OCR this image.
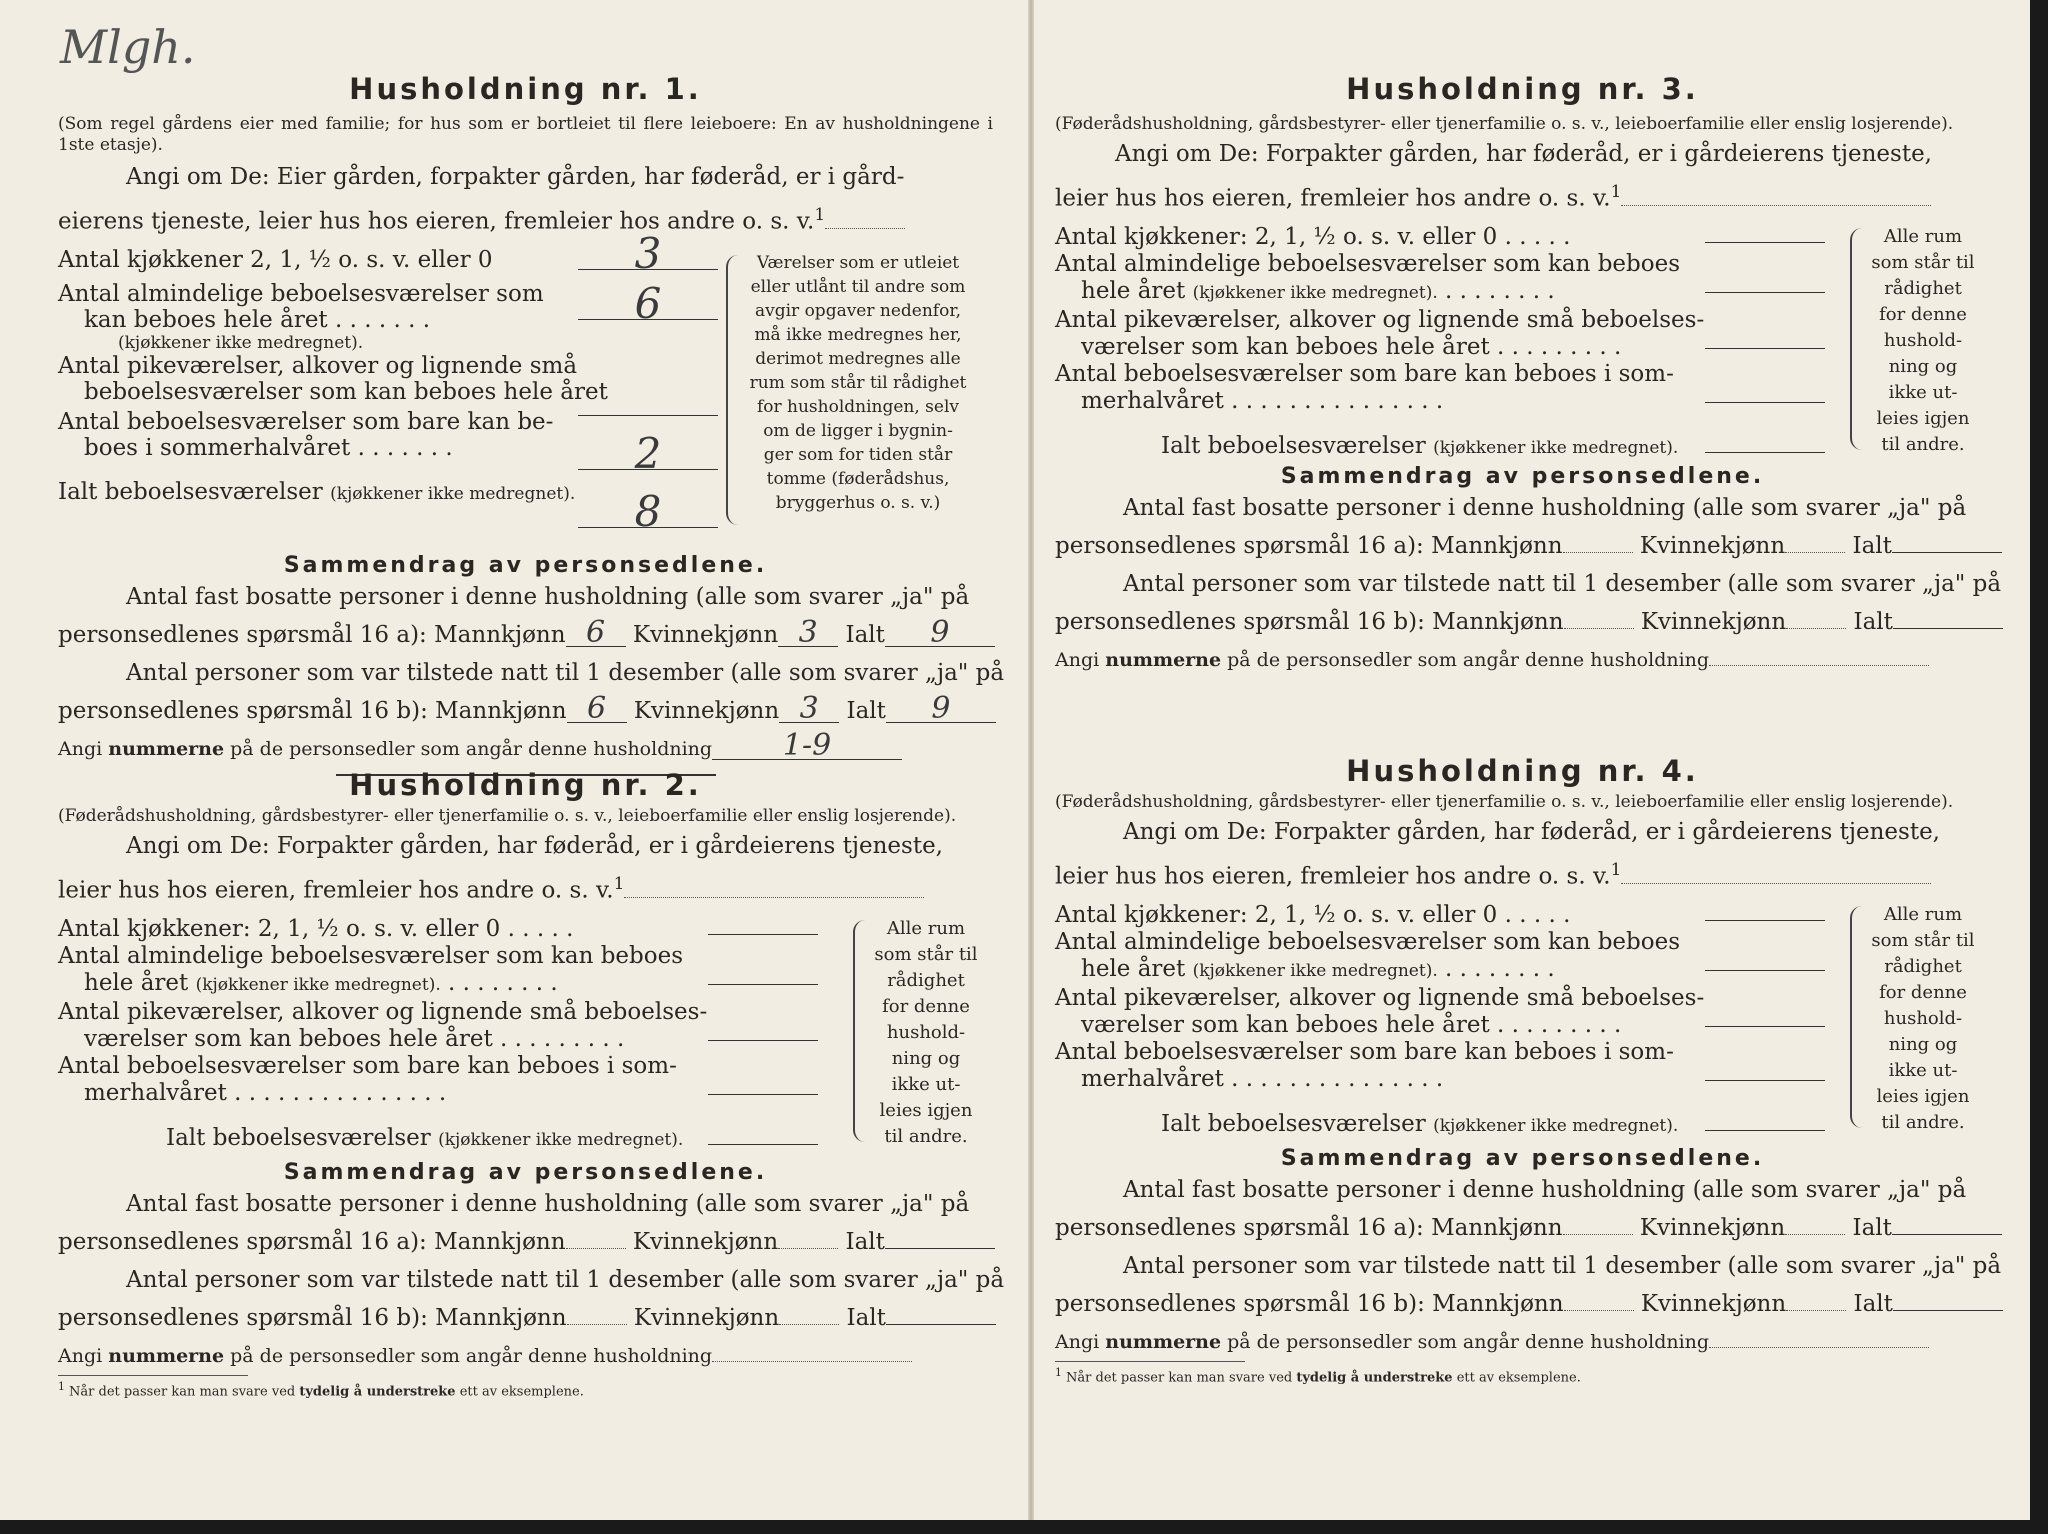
Mlgh.
Husholdning nr. 1.
(Som regel gårdens eier med familie; for hus som er bortleiet til flere leieboere: En av husholdningene i 1ste etasje).
Angi om De: Eier gården, forpakter gården, har føderåd, er i gård-
eierens tjeneste, leier hus hos eieren, fremleier hos andre o. s. v.$^1$
Antal kjøkkener 2, 1, ½ o. s. v. eller 0	3
Antal almindelige beboelsesværelser som
kan beboes hele året . . . . . . .	6
(kjøkkener ikke medregnet).
Antal pikeværelser, alkover og lignende små
beboelsesværelser som kan beboes hele året
Antal beboelsesværelser som bare kan be-
boes i sommerhalvåret . . . . . . .	2
Ialt beboelsesværelser (kjøkkener ikke medregnet).	8
Værelser som er utleiet
eller utlånt til andre som
avgir opgaver nedenfor,
må ikke medregnes her,
derimot medregnes alle
rum som står til rådighet
for husholdningen, selv
om de ligger i bygnin-
ger som for tiden står
tomme (føderådshus,
bryggerhus o. s. v.)
Sammendrag av personsedlene.
Antal fast bosatte personer i denne husholdning (alle som svarer „ja" på
personsedlenes spørsmål 16 a): Mannkjønn 6 Kvinnekjønn 3 Ialt 9
Antal personer som var tilstede natt til 1 desember (alle som svarer „ja" på
personsedlenes spørsmål 16 b): Mannkjønn 6 Kvinnekjønn 3 Ialt 9
Angi nummerne på de personsedler som angår denne husholdning 1-9
Husholdning nr. 2.
(Føderådshusholdning, gårdsbestyrer- eller tjenerfamilie o. s. v., leieboerfamilie eller enslig losjerende).
Angi om De: Forpakter gården, har føderåd, er i gårdeierens tjeneste,
leier hus hos eieren, fremleier hos andre o. s. v.$^1$
Antal kjøkkener: 2, 1, ½ o. s. v. eller 0 . . . . .
Antal almindelige beboelsesværelser som kan beboes
hele året (kjøkkener ikke medregnet). . . . . . . . .
Antal pikeværelser, alkover og lignende små beboelses-
værelser som kan beboes hele året . . . . . . . . .
Antal beboelsesværelser som bare kan beboes i som-
merhalvåret . . . . . . . . . . . . . . .
Ialt beboelsesværelser (kjøkkener ikke medregnet).
Alle rum
som står til
rådighet
for denne
hushold-
ning og
ikke ut-
leies igjen
til andre.
Sammendrag av personsedlene.
Antal fast bosatte personer i denne husholdning (alle som svarer „ja" på
personsedlenes spørsmål 16 a): Mannkjønn	Kvinnekjønn	Ialt
Antal personer som var tilstede natt til 1 desember (alle som svarer „ja" på
personsedlenes spørsmål 16 b): Mannkjønn	Kvinnekjønn	Ialt
Angi nummerne på de personsedler som angår denne husholdning
$^1$ Når det passer kan man svare ved tydelig å understreke ett av eksemplene.
Husholdning nr. 3.
(Føderådshusholdning, gårdsbestyrer- eller tjenerfamilie o. s. v., leieboerfamilie eller enslig losjerende).
Angi om De: Forpakter gården, har føderåd, er i gårdeierens tjeneste,
leier hus hos eieren, fremleier hos andre o. s. v.$^1$
Antal kjøkkener: 2, 1, ½ o. s. v. eller 0 . . . . .
Antal almindelige beboelsesværelser som kan beboes
hele året (kjøkkener ikke medregnet). . . . . . . . .
Antal pikeværelser, alkover og lignende små beboelses-
værelser som kan beboes hele året . . . . . . . . .
Antal beboelsesværelser som bare kan beboes i som-
merhalvåret . . . . . . . . . . . . . . .
Ialt beboelsesværelser (kjøkkener ikke medregnet).
Alle rum
som står til
rådighet
for denne
hushold-
ning og
ikke ut-
leies igjen
til andre.
Sammendrag av personsedlene.
Antal fast bosatte personer i denne husholdning (alle som svarer „ja" på
personsedlenes spørsmål 16 a): Mannkjønn	Kvinnekjønn	Ialt
Antal personer som var tilstede natt til 1 desember (alle som svarer „ja" på
personsedlenes spørsmål 16 b): Mannkjønn	Kvinnekjønn	Ialt
Angi nummerne på de personsedler som angår denne husholdning
Husholdning nr. 4.
(Føderådshusholdning, gårdsbestyrer- eller tjenerfamilie o. s. v., leieboerfamilie eller enslig losjerende).
Angi om De: Forpakter gården, har føderåd, er i gårdeierens tjeneste,
leier hus hos eieren, fremleier hos andre o. s. v.$^1$
Antal kjøkkener: 2, 1, ½ o. s. v. eller 0 . . . . .
Antal almindelige beboelsesværelser som kan beboes
hele året (kjøkkener ikke medregnet). . . . . . . . .
Antal pikeværelser, alkover og lignende små beboelses-
værelser som kan beboes hele året . . . . . . . . .
Antal beboelsesværelser som bare kan beboes i som-
merhalvåret . . . . . . . . . . . . . . .
Ialt beboelsesværelser (kjøkkener ikke medregnet).
Alle rum
som står til
rådighet
for denne
hushold-
ning og
ikke ut-
leies igjen
til andre.
Sammendrag av personsedlene.
Antal fast bosatte personer i denne husholdning (alle som svarer „ja" på
personsedlenes spørsmål 16 a): Mannkjønn	Kvinnekjønn	Ialt
Antal personer som var tilstede natt til 1 desember (alle som svarer „ja" på
personsedlenes spørsmål 16 b): Mannkjønn	Kvinnekjønn	Ialt
Angi nummerne på de personsedler som angår denne husholdning
$^1$ Når det passer kan man svare ved tydelig å understreke ett av eksemplene.
